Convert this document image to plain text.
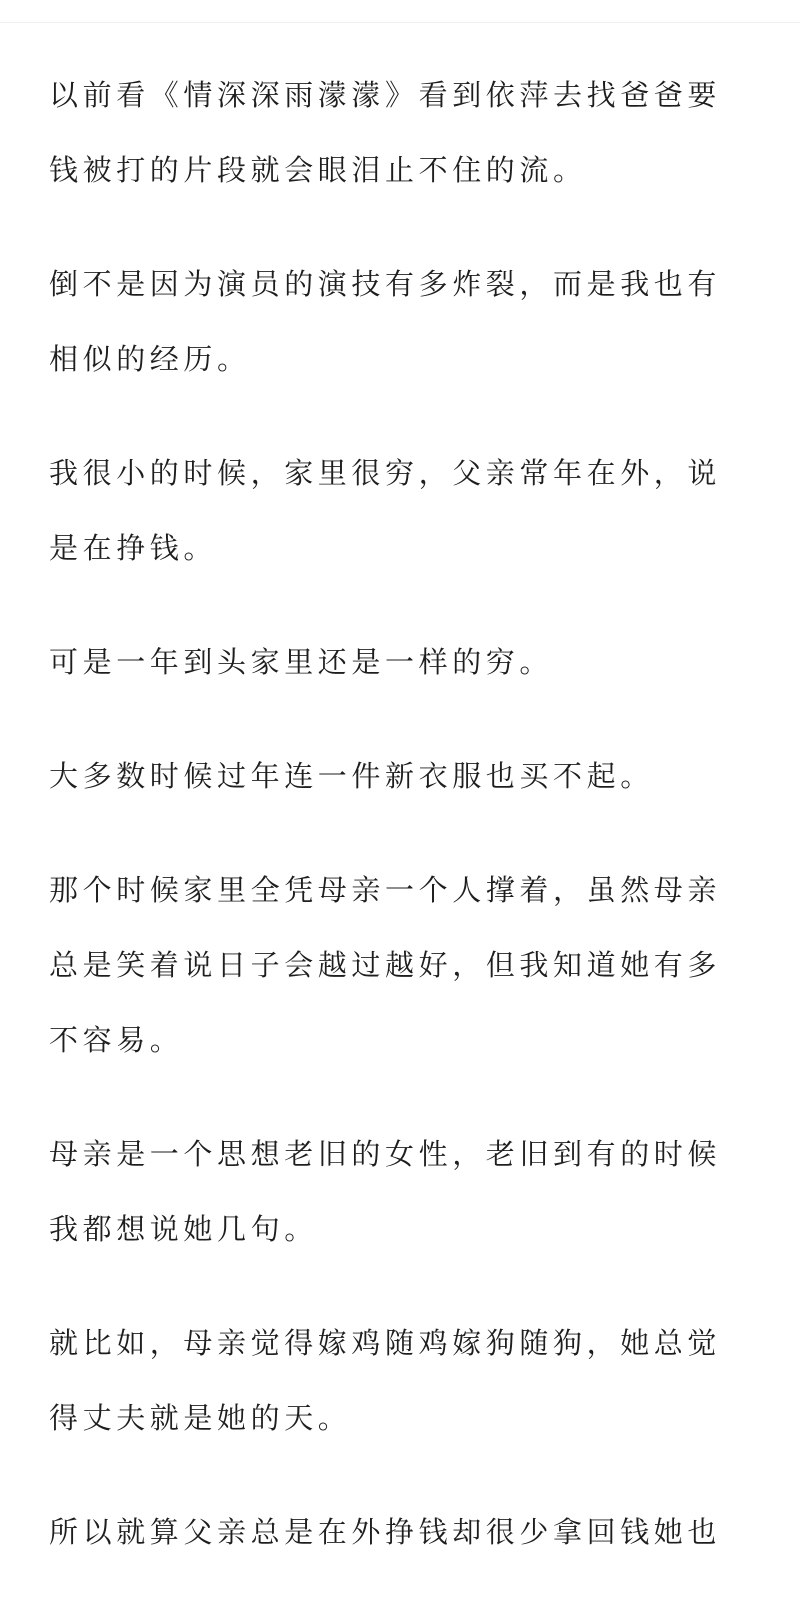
以前看《情深深雨濛濛》看到依萍去找爸爸要
钱被打的片段就会眼泪止不住的流。

倒不是因为演员的演技有多炸裂，而是我也有
相似的经历。

我很小的时候，家里很穷，父亲常年在外，说
是在挣钱。

可是一年到头家里还是一样的穷。

大多数时候过年连一件新衣服也买不起。

那个时候家里全凭母亲一个人撑着，虽然母亲
总是笑着说日子会越过越好，但我知道她有多
不容易。

母亲是一个思想老旧的女性，老旧到有的时候
我都想说她几句。

就比如，母亲觉得嫁鸡随鸡嫁狗随狗，她总觉
得丈夫就是她的天。

所以就算父亲总是在外挣钱却很少拿回钱她也
